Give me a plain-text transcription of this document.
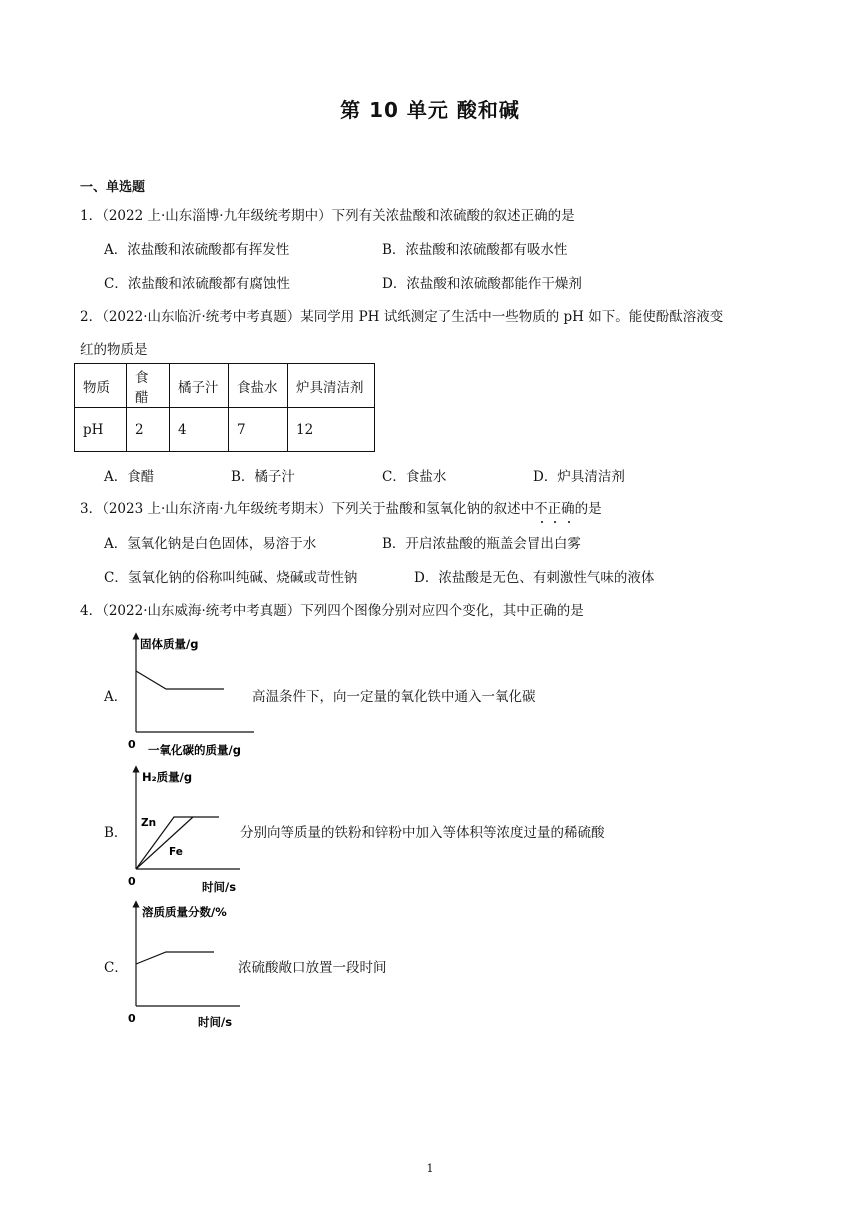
第 10 单元 酸和碱
一、单选题
1．（2022 上·山东淄博·九年级统考期中）下列有关浓盐酸和浓硫酸的叙述正确的是
A．浓盐酸和浓硫酸都有挥发性	B．浓盐酸和浓硫酸都有吸水性
C．浓盐酸和浓硫酸都有腐蚀性	D．浓盐酸和浓硫酸都能作干燥剂
2．（2022·山东临沂·统考中考真题）某同学用 PH 试纸测定了生活中一些物质的 pH 如下。能使酚酞溶液变
红的物质是
物质	食醋	橘子汁	食盐水	炉具清洁剂
pH	2	4	7	12
A．食醋	B．橘子汁	C．食盐水	D．炉具清洁剂
3．（2023 上·山东济南·九年级统考期末）下列关于盐酸和氢氧化钠的叙述中不正确的是
A．氢氧化钠是白色固体，易溶于水	B．开启浓盐酸的瓶盖会冒出白雾
C．氢氧化钠的俗称叫纯碱、烧碱或苛性钠	D．浓盐酸是无色、有刺激性气味的液体
4．（2022·山东威海·统考中考真题）下列四个图像分别对应四个变化，其中正确的是
A．
固体质量/g
0 一氧化碳的质量/g
高温条件下，向一定量的氧化铁中通入一氧化碳
B．
H₂质量/g
Zn
Fe
0	时间/s
分别向等质量的铁粉和锌粉中加入等体积等浓度过量的稀硫酸
C．
溶质质量分数/%
0	时间/s
浓硫酸敞口放置一段时间
1
